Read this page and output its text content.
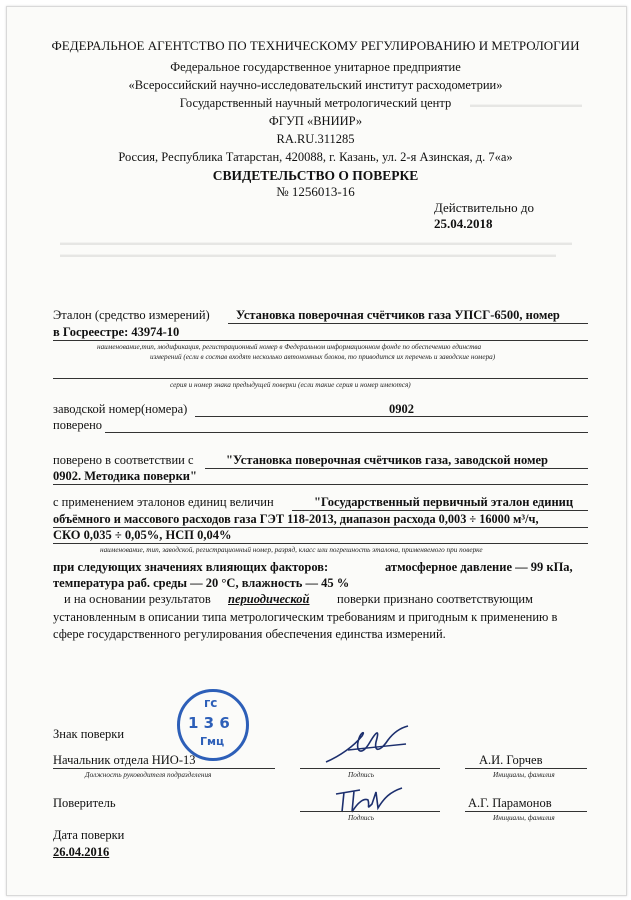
▬▬▬▬▬▬▬▬▬▬▬▬▬▬
▬▬▬▬▬▬▬▬▬▬▬▬▬▬▬▬▬▬▬▬▬▬▬▬▬▬▬▬▬▬▬▬▬▬▬▬▬▬▬▬▬▬▬▬▬▬▬▬▬▬▬▬▬▬▬▬▬▬▬▬▬▬▬▬
▬▬▬▬▬▬▬▬▬▬▬▬▬▬▬▬▬▬▬▬▬▬▬▬▬▬▬▬▬▬▬▬▬▬▬▬▬▬▬▬▬▬▬▬▬▬▬▬▬▬▬▬▬▬▬▬▬▬▬▬▬▬
ФЕДЕРАЛЬНОЕ АГЕНТСТВО ПО ТЕХНИЧЕСКОМУ РЕГУЛИРОВАНИЮ И МЕТРОЛОГИИ
Федеральное государственное унитарное предприятие
«Всероссийский научно-исследовательский институт расходометрии»
Государственный научный метрологический центр
ФГУП «ВНИИР»
RA.RU.311285
Россия, Республика Татарстан, 420088, г. Казань, ул. 2-я Азинская, д. 7«а»
СВИДЕТЕЛЬСТВО О ПОВЕРКЕ
№ 1256013-16
Действительно до
25.04.2018
Эталон (средство измерений) Установка поверочная счётчиков газа УПСГ-6500, номер
в Госреестре: 43974-10
наименование,тип, модификация, регистрационный номер в Федеральном информационном фонде по обеспечению единства
измерений (если в состав входят несколько автономных блоков, то приводится их перечень и заводские номера)
серия и номер знака предыдущей поверки (если такие серия и номер имеются)
заводской номер(номера)	0902
поверено
поверено в соответствии с	"Установка поверочная счётчиков газа, заводской номер
0902. Методика поверки"
с применением эталонов единиц величин	"Государственный первичный эталон единиц
объёмного и массового расходов газа ГЭТ 118-2013, диапазон расхода 0,003 ÷ 16000 м³/ч,
СКО 0,035 ÷ 0,05%, НСП 0,04%
наименование, тип, заводской, регистрационный номер, разряд, класс или погрешность эталона, применяемого при поверке
при следующих значениях влияющих факторов:	атмосферное давление — 99 кПа,
температура раб. среды — 20 °С, влажность — 45 %
и на основании результатов периодической поверки признано соответствующим
установленным в описании типа метрологическим требованиям и пригодным к применению в
сфере государственного регулирования обеспечения единства измерений.
гс
1 3 6
Гмц
Знак поверки
Начальник отдела НИО-13
Должность руководителя подразделения	Подпись
А.И. Горчев
Инициалы, фамилия
Поверитель
Подпись
А.Г. Парамонов
Инициалы, фамилия
Дата поверки
26.04.2016
